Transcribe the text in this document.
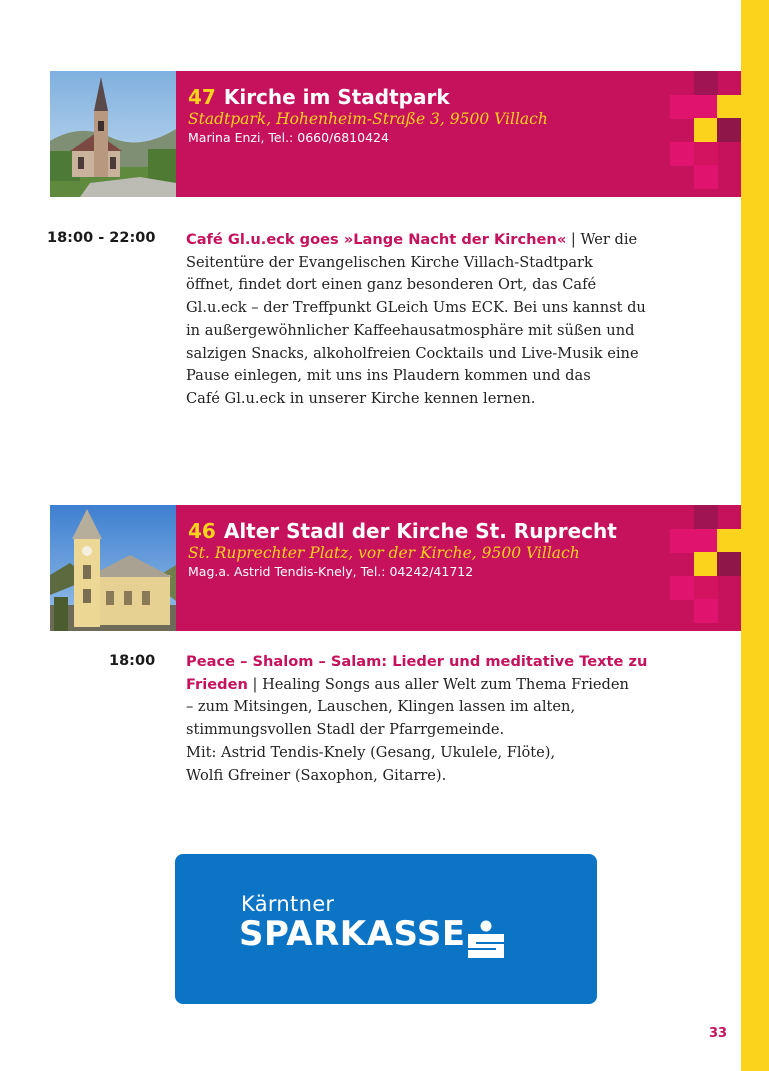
47 Kirche im Stadtpark
Stadtpark, Hohenheim-Straße 3, 9500 Villach
Marina Enzi, Tel.: 0660/6810424
18:00 - 22:00 Café Gl.u.eck goes »Lange Nacht der Kirchen« | Wer die
Seitentüre der Evangelischen Kirche Villach-Stadtpark
öffnet, findet dort einen ganz besonderen Ort, das Café
Gl.u.eck – der Treffpunkt GLeich Ums ECK. Bei uns kannst du
in außergewöhnlicher Kaffeehausatmosphäre mit süßen und
salzigen Snacks, alkoholfreien Cocktails und Live-Musik eine
Pause einlegen, mit uns ins Plaudern kommen und das
Café Gl.u.eck in unserer Kirche kennen lernen.
46 Alter Stadl der Kirche St. Ruprecht
St. Ruprechter Platz, vor der Kirche, 9500 Villach
Mag.a. Astrid Tendis-Knely, Tel.: 04242/41712
18:00 Peace – Shalom – Salam: Lieder und meditative Texte zu
Frieden | Healing Songs aus aller Welt zum Thema Frieden
– zum Mitsingen, Lauschen, Klingen lassen im alten,
stimmungsvollen Stadl der Pfarrgemeinde.
Mit: Astrid Tendis-Knely (Gesang, Ukulele, Flöte),
Wolfi Gfreiner (Saxophon, Gitarre).
Kärntner
SPARKASSE
33
